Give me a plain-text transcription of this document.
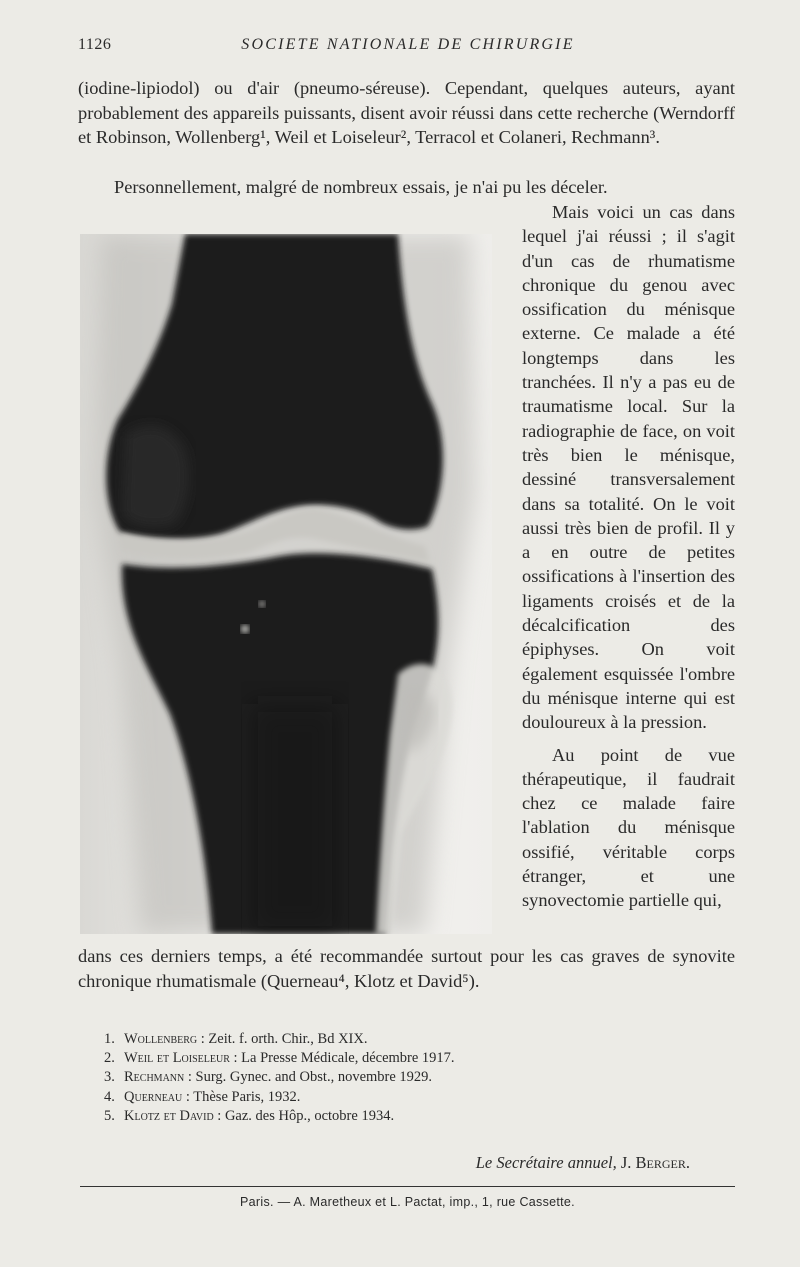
1126	SOCIETE NATIONALE DE CHIRURGIE

(iodine-lipiodol) ou d'air (pneumo-séreuse). Cependant, quelques auteurs, ayant probablement des appareils puissants, disent avoir réussi dans cette recherche (Werndorff et Robinson, Wollenberg¹, Weil et Loiseleur², Terracol et Colaneri, Rechmann³.

Personnellement, malgré de nombreux essais, je n'ai pu les déceler.

Mais voici un cas dans lequel j'ai réussi ; il s'agit d'un cas de rhumatisme chronique du genou avec ossification du ménisque externe. Ce malade a été longtemps dans les tranchées. Il n'y a pas eu de traumatisme local. Sur la radiographie de face, on voit très bien le ménisque, dessiné transversalement dans sa totalité. On le voit aussi très bien de profil. Il y a en outre de petites ossifications à l'insertion des ligaments croisés et de la décalcification des épiphyses. On voit également esquissée l'ombre du ménisque interne qui est douloureux à la pression.

Au point de vue thérapeutique, il faudrait chez ce malade faire l'ablation du ménisque ossifié, véritable corps étranger, et une synovectomie partielle qui,

dans ces derniers temps, a été recommandée surtout pour les cas graves de synovite chronique rhumatismale (Querneau⁴, Klotz et David⁵).

1. Wollenberg : Zeit. f. orth. Chir., Bd XIX.
2. Weil et Loiseleur : La Presse Médicale, décembre 1917.
3. Rechmann : Surg. Gynec. and Obst., novembre 1929.
4. Querneau : Thèse Paris, 1932.
5. Klotz et David : Gaz. des Hôp., octobre 1934.
Le Secrétaire annuel, J. Berger.
Paris. — A. Maretheux et L. Pactat, imp., 1, rue Cassette.
